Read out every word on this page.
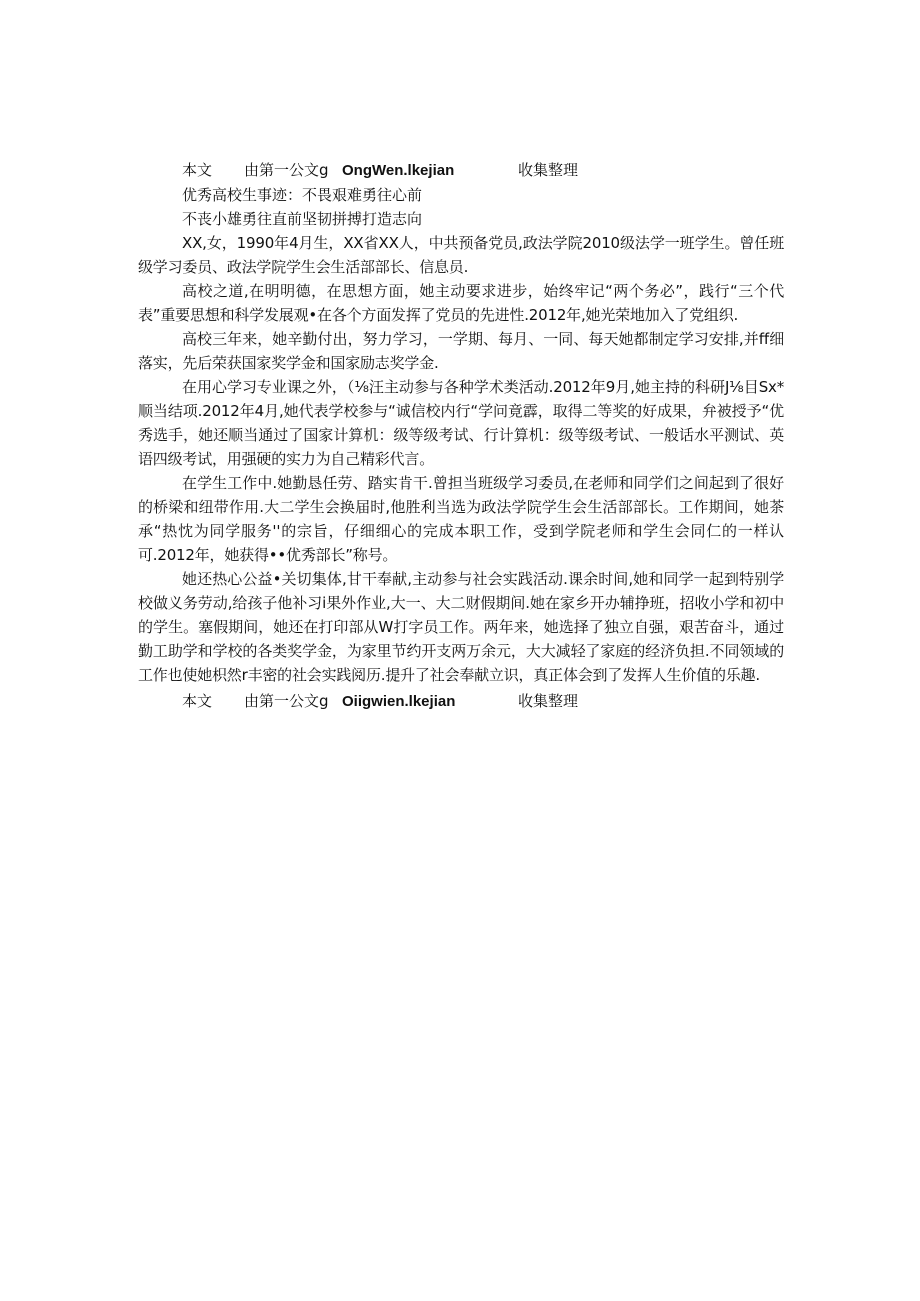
本文	由第一公文g OngWen.lkejian	收集整理
优秀高校生事迹：不畏艰难勇往心前
不丧小雄勇往直前坚韧拼搏打造志向
XX,女，1990年4月生，XX省XX人，中共预备党员,政法学院2010级法学一班学生。曾任班级学习委员、政法学院学生会生活部部长、信息员.
高校之道,在明明德，在思想方面，她主动要求进步，始终牢记“两个务必”，践行“三个代表”重要思想和科学发展观•在各个方面发挥了党员的先进性.2012年,她光荣地加入了党组织.
高校三年来，她辛勤付出，努力学习，一学期、每月、一同、每天她都制定学习安排,并ff细落实，先后荣获国家奖学金和国家励志奖学金.
在用心学习专业课之外，（⅛汪主动参与各种学术类活动.2012年9月,她主持的科研J⅛目Sx*顺当结项.2012年4月,她代表学校参与“诚信校内行“学问竟霹，取得二等奖的好成果，弁被授予“优秀选手，她还顺当通过了国家计算机：级等级考试、行计算机：级等级考试、一般话水平测试、英语四级考试，用强硬的实力为自己精彩代言。
在学生工作中.她勤恳任劳、踏实肯干.曾担当班级学习委员,在老师和同学们之间起到了很好的桥梁和纽带作用.大二学生会换届时,他胜利当选为政法学院学生会生活部部长。工作期间，她茶承“热忱为同学服务''的宗旨，仔细细心的完成本职工作，受到学院老师和学生会同仁的一样认可.2012年，她获得••优秀部长”称号。
她还热心公益•关切集体,甘干奉献,主动参与社会实践活动.课余时间,她和同学一起到特别学校做义务劳动,给孩子他补习i果外作业,大一、大二财假期间.她在家乡开办辅挣班，招收小学和初中的学生。塞假期间，她还在打印部从W打字员工作。两年来，她选择了独立自强，艰苦奋斗，通过勤工助学和学校的各类奖学金，为家里节约开支两万余元，大大减轻了家庭的经济负担.不同领域的工作也使她枳然r丰密的社会实践阅历.提升了社会奉献立识，真正体会到了发挥人生价值的乐趣.
本文	由第一公文g Oiigwien.lkejian	收集整理
